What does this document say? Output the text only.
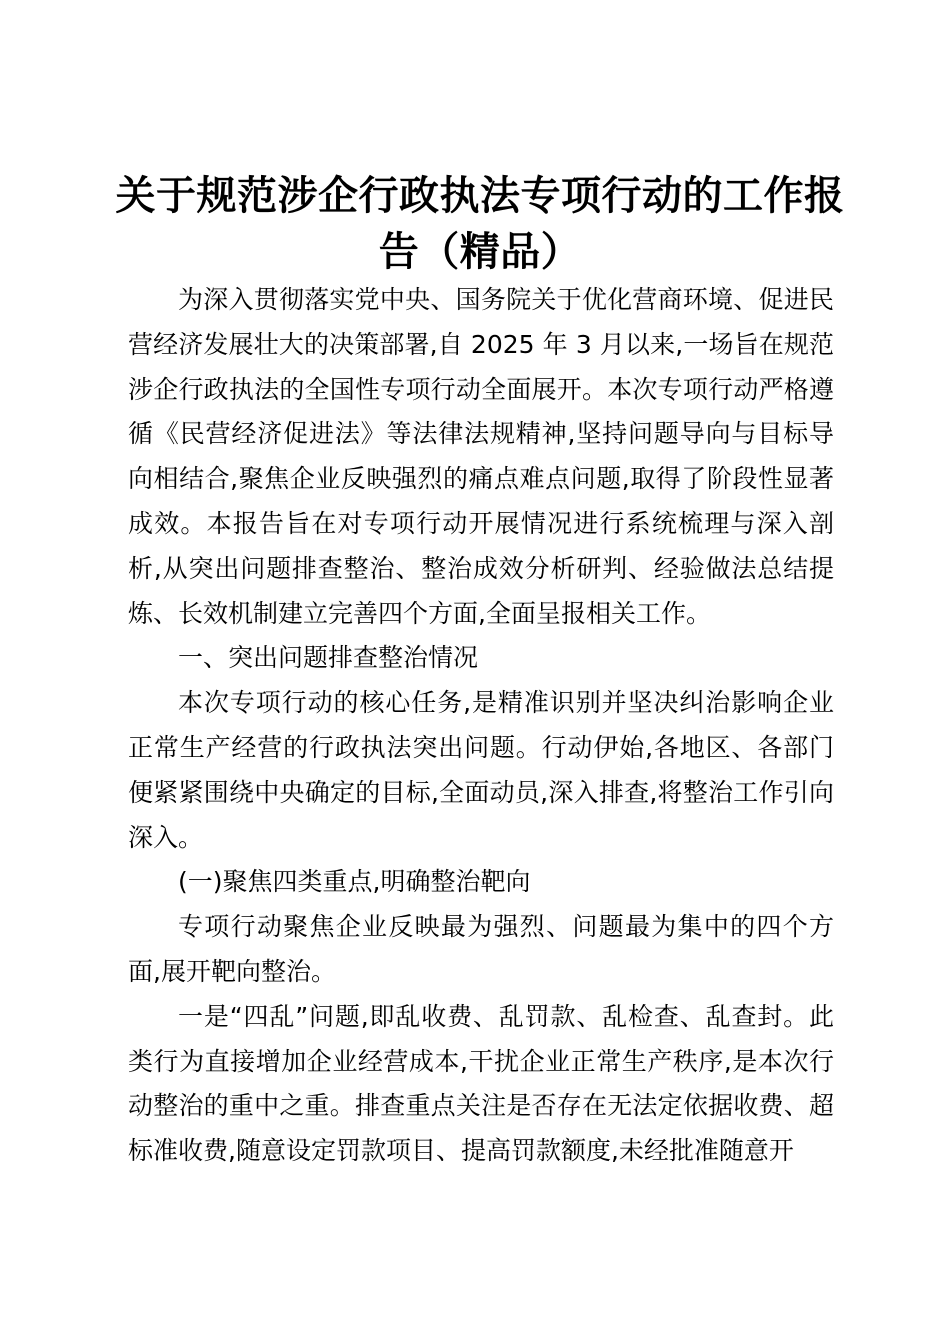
关于规范涉企行政执法专项行动的工作报告（精品）

为深入贯彻落实党中央、国务院关于优化营商环境、促进民营经济发展壮大的决策部署,自 2025 年 3 月以来,一场旨在规范涉企行政执法的全国性专项行动全面展开。本次专项行动严格遵循《民营经济促进法》等法律法规精神,坚持问题导向与目标导向相结合,聚焦企业反映强烈的痛点难点问题,取得了阶段性显著成效。本报告旨在对专项行动开展情况进行系统梳理与深入剖析,从突出问题排查整治、整治成效分析研判、经验做法总结提炼、长效机制建立完善四个方面,全面呈报相关工作。

一、突出问题排查整治情况

本次专项行动的核心任务,是精准识别并坚决纠治影响企业正常生产经营的行政执法突出问题。行动伊始,各地区、各部门便紧紧围绕中央确定的目标,全面动员,深入排查,将整治工作引向深入。

(一)聚焦四类重点,明确整治靶向

专项行动聚焦企业反映最为强烈、问题最为集中的四个方面,展开靶向整治。

一是“四乱”问题,即乱收费、乱罚款、乱检查、乱查封。此类行为直接增加企业经营成本,干扰企业正常生产秩序,是本次行动整治的重中之重。排查重点关注是否存在无法定依据收费、超标准收费,随意设定罚款项目、提高罚款额度,未经批准随意开
